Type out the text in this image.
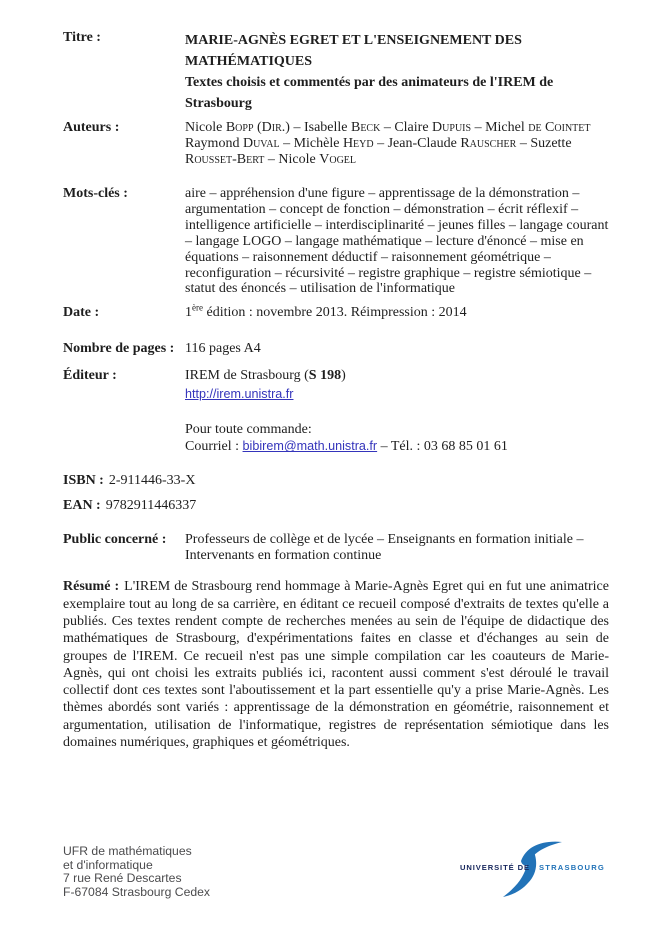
Titre :	MARIE-AGNÈS EGRET ET L'ENSEIGNEMENT DES MATHÉMATIQUES
Textes choisis et commentés par des animateurs de l'IREM de Strasbourg
Auteurs :	Nicole Bopp (Dir.) – Isabelle Beck – Claire Dupuis – Michel de Cointet Raymond Duval – Michèle Heyd – Jean-Claude Rauscher – Suzette Rousset-Bert – Nicole Vogel
Mots-clés :	aire – appréhension d'une figure – apprentissage de la démonstration – argumentation – concept de fonction – démonstration – écrit réflexif – intelligence artificielle – interdisciplinarité – jeunes filles – langage courant – langage LOGO – langage mathématique – lecture d'énoncé – mise en équations – raisonnement déductif – raisonnement géométrique – reconfiguration – récursivité – registre graphique – registre sémiotique – statut des énoncés – utilisation de l'informatique
Date :	1ère édition : novembre 2013. Réimpression : 2014
Nombre de pages : 116 pages A4
Éditeur :	IREM de Strasbourg (S 198)
http://irem.unistra.fr
Pour toute commande:
Courriel : bibirem@math.unistra.fr – Tél. : 03 68 85 01 61
ISBN : 2-911446-33-X
EAN : 9782911446337
Public concerné :	Professeurs de collège et de lycée – Enseignants en formation initiale – Intervenants en formation continue
Résumé : L'IREM de Strasbourg rend hommage à Marie-Agnès Egret qui en fut une animatrice exemplaire tout au long de sa carrière, en éditant ce recueil composé d'extraits de textes qu'elle a publiés. Ces textes rendent compte de recherches menées au sein de l'équipe de didactique des mathématiques de Strasbourg, d'expérimentations faites en classe et d'échanges au sein de groupes de l'IREM. Ce recueil n'est pas une simple compilation car les coauteurs de Marie-Agnès, qui ont choisi les extraits publiés ici, racontent aussi comment s'est déroulé le travail collectif dont ces textes sont l'aboutissement et la part essentielle qu'y a prise Marie-Agnès. Les thèmes abordés sont variés : apprentissage de la démonstration en géométrie, raisonnement et argumentation, utilisation de l'informatique, registres de représentation sémiotique dans les domaines numériques, graphiques et géométriques.
UFR de mathématiques
et d'informatique
7 rue René Descartes
F-67084 Strasbourg Cedex
UNIVERSITÉ DE STRASBOURG
